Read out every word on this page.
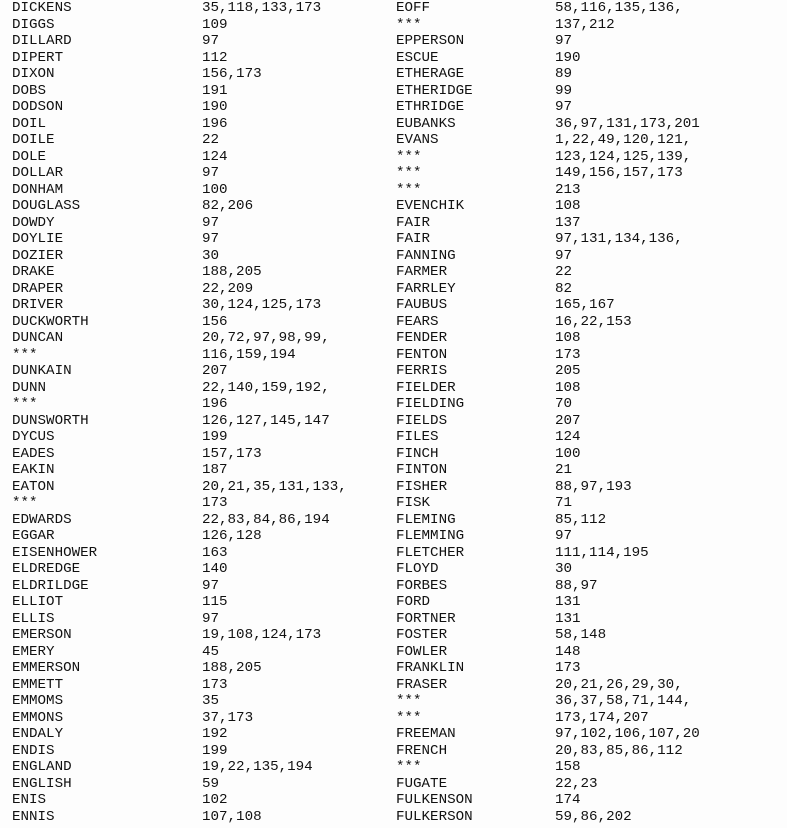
DICKENS	35,118,133,173
DIGGS	109
DILLARD	97
DIPERT	112
DIXON	156,173
DOBS	191
DODSON	190
DOIL	196
DOILE	22
DOLE	124
DOLLAR	97
DONHAM	100
DOUGLASS	82,206
DOWDY	97
DOYLIE	97
DOZIER	30
DRAKE	188,205
DRAPER	22,209
DRIVER	30,124,125,173
DUCKWORTH	156
DUNCAN	20,72,97,98,99,
***	116,159,194
DUNKAIN	207
DUNN	22,140,159,192,
***	196
DUNSWORTH	126,127,145,147
DYCUS	199
EADES	157,173
EAKIN	187
EATON	20,21,35,131,133,
***	173
EDWARDS	22,83,84,86,194
EGGAR	126,128
EISENHOWER	163
ELDREDGE	140
ELDRILDGE	97
ELLIOT	115
ELLIS	97
EMERSON	19,108,124,173
EMERY	45
EMMERSON	188,205
EMMETT	173
EMMOMS	35
EMMONS	37,173
ENDALY	192
ENDIS	199
ENGLAND	19,22,135,194
ENGLISH	59
ENIS	102
ENNIS	107,108
EOFF	58,116,135,136,
***	137,212
EPPERSON	97
ESCUE	190
ETHERAGE	89
ETHERIDGE	99
ETHRIDGE	97
EUBANKS	36,97,131,173,201
EVANS	1,22,49,120,121,
***	123,124,125,139,
***	149,156,157,173
***	213
EVENCHIK	108
FAIR	137
FAIR	97,131,134,136,
FANNING	97
FARMER	22
FARRLEY	82
FAUBUS	165,167
FEARS	16,22,153
FENDER	108
FENTON	173
FERRIS	205
FIELDER	108
FIELDING	70
FIELDS	207
FILES	124
FINCH	100
FINTON	21
FISHER	88,97,193
FISK	71
FLEMING	85,112
FLEMMING	97
FLETCHER	111,114,195
FLOYD	30
FORBES	88,97
FORD	131
FORTNER	131
FOSTER	58,148
FOWLER	148
FRANKLIN	173
FRASER	20,21,26,29,30,
***	36,37,58,71,144,
***	173,174,207
FREEMAN	97,102,106,107,20
FRENCH	20,83,85,86,112
***	158
FUGATE	22,23
FULKENSON	174
FULKERSON	59,86,202
